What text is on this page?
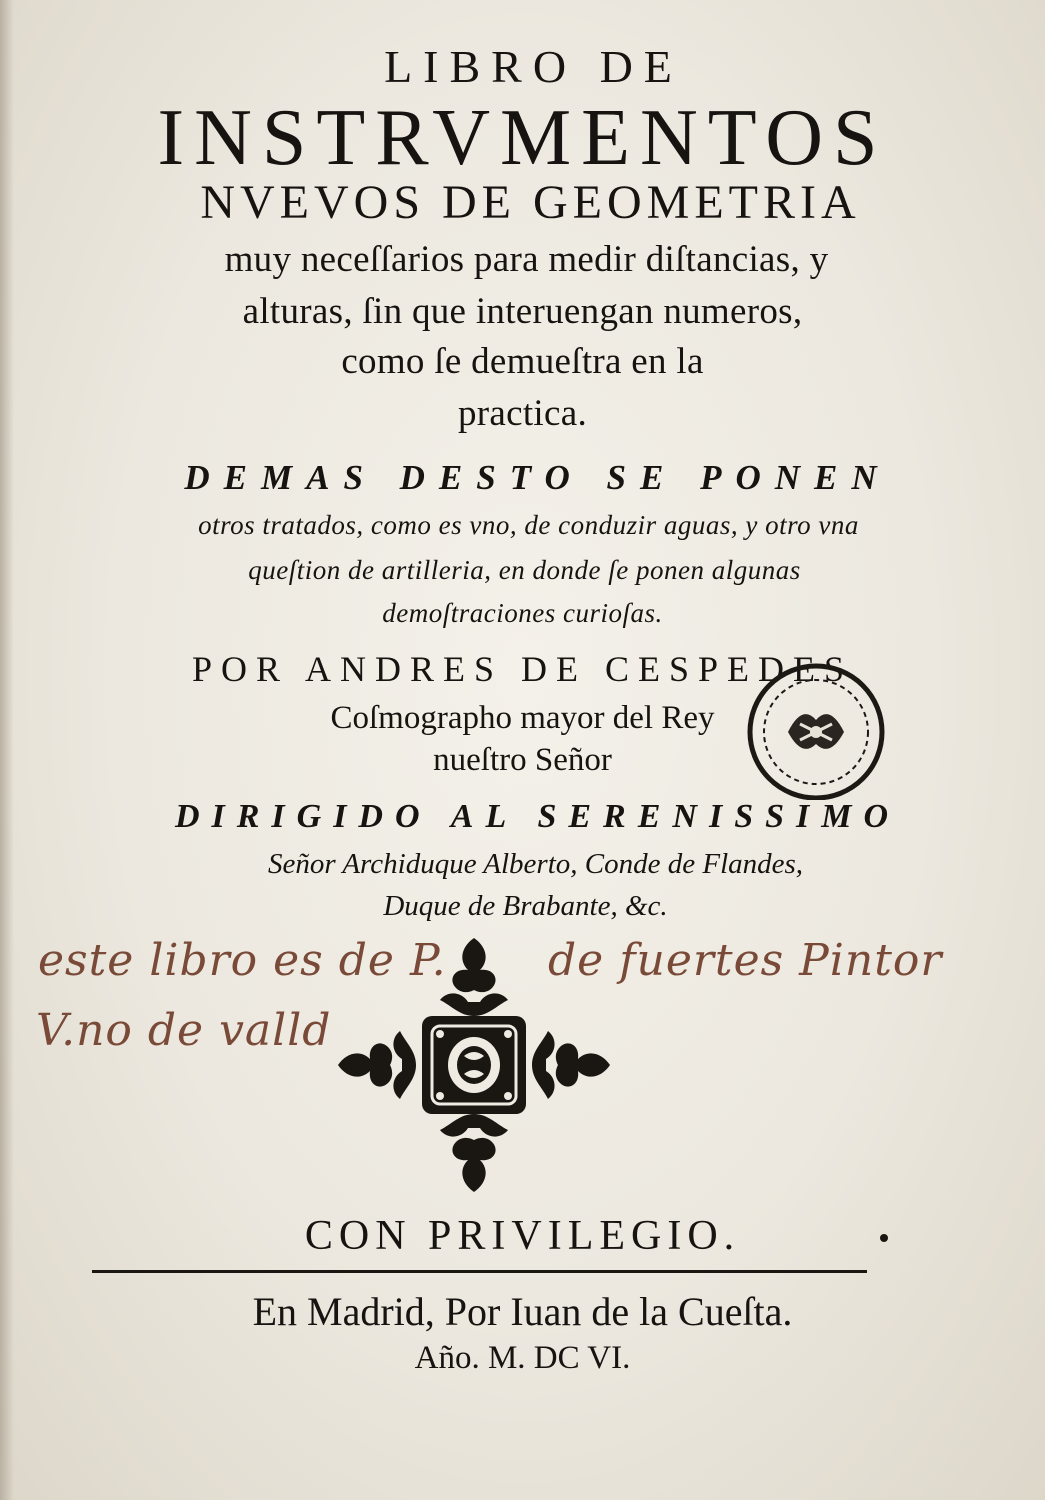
LIBRO DE

INSTRVMENTOS

NVEVOS DE GEOMETRIA

muy neceſſarios para medir diſtancias, y

alturas, ſin que interuengan numeros,

como ſe demueſtra en la

practica.

DEMAS DESTO SE PONEN

otros tratados, como es vno, de conduzir aguas, y otro vna

queſtion de artilleria, en donde ſe ponen algunas

demoſtraciones curioſas.

POR ANDRES DE CESPEDES

Coſmographo mayor del Rey

nueſtro Señor

DIRIGIDO AL SERENISSIMO

Señor Archiduque Alberto, Conde de Flandes,

Duque de Brabante, &c.

este libro es de P. de fuertes Pintor

V.no de valld

CON PRIVILEGIO.

En Madrid, Por Iuan de la Cueſta.

Año. M. DC VI.
